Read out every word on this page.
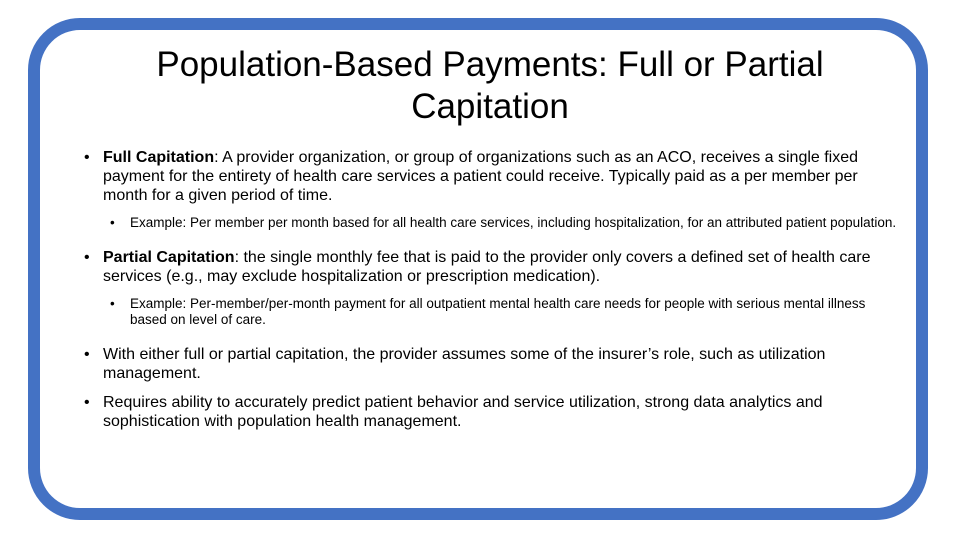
Population-Based Payments: Full or Partial Capitation
• Full Capitation: A provider organization, or group of organizations such as an ACO, receives a single fixed payment for the entirety of health care services a patient could receive. Typically paid as a per member per month for a given period of time.
• Example: Per member per month based for all health care services, including hospitalization, for an attributed patient population.
• Partial Capitation: the single monthly fee that is paid to the provider only covers a defined set of health care services (e.g., may exclude hospitalization or prescription medication).
• Example: Per-member/per-month payment for all outpatient mental health care needs for people with serious mental illness based on level of care.
• With either full or partial capitation, the provider assumes some of the insurer’s role, such as utilization management.
• Requires ability to accurately predict patient behavior and service utilization, strong data analytics and sophistication with population health management.
